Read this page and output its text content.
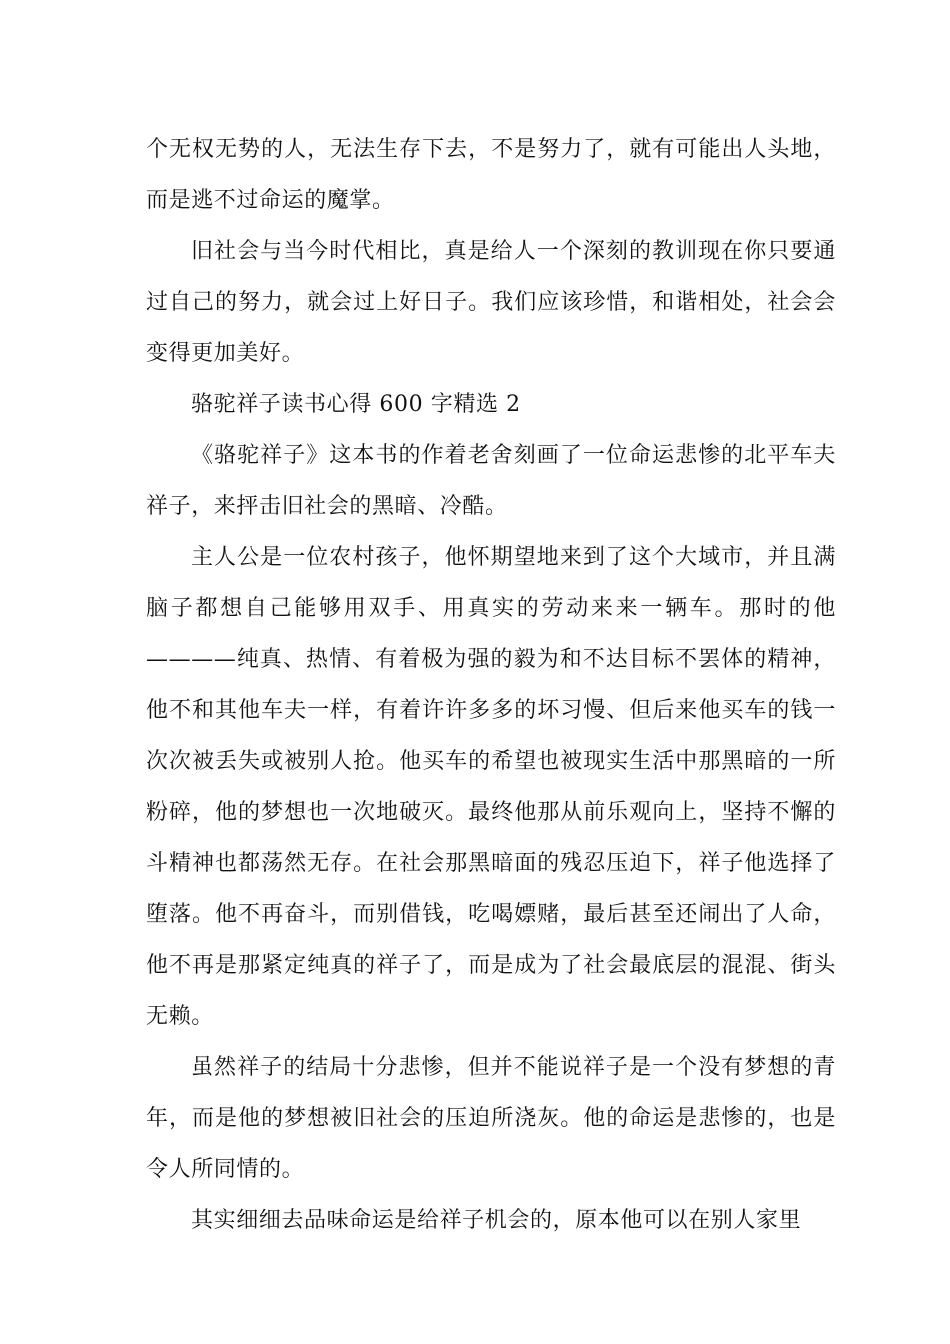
个无权无势的人，无法生存下去，不是努力了，就有可能出人头地，而是逃不过命运的魔掌。

旧社会与当今时代相比，真是给人一个深刻的教训现在你只要通过自己的努力，就会过上好日子。我们应该珍惜，和谐相处，社会会变得更加美好。

骆驼祥子读书心得 600 字精选 2

《骆驼祥子》这本书的作着老舍刻画了一位命运悲惨的北平车夫祥子，来抨击旧社会的黑暗、冷酷。

主人公是一位农村孩子，他怀期望地来到了这个大域市，并且满脑子都想自己能够用双手、用真实的劳动来来一辆车。那时的他————纯真、热情、有着极为强的毅为和不达目标不罢体的精神，他不和其他车夫一样，有着许许多多的坏习慢、但后来他买车的钱一次次被丢失或被别人抢。他买车的希望也被现实生活中那黑暗的一所粉碎，他的梦想也一次地破灭。最终他那从前乐观向上，坚持不懈的斗精神也都荡然无存。在社会那黑暗面的残忍压迫下，祥子他选择了堕落。他不再奋斗，而别借钱，吃喝嫖赌，最后甚至还闹出了人命，他不再是那紧定纯真的祥子了，而是成为了社会最底层的混混、街头无赖。

虽然祥子的结局十分悲惨，但并不能说祥子是一个没有梦想的青年，而是他的梦想被旧社会的压迫所浇灰。他的命运是悲惨的，也是令人所同情的。

其实细细去品味命运是给祥子机会的，原本他可以在别人家里
